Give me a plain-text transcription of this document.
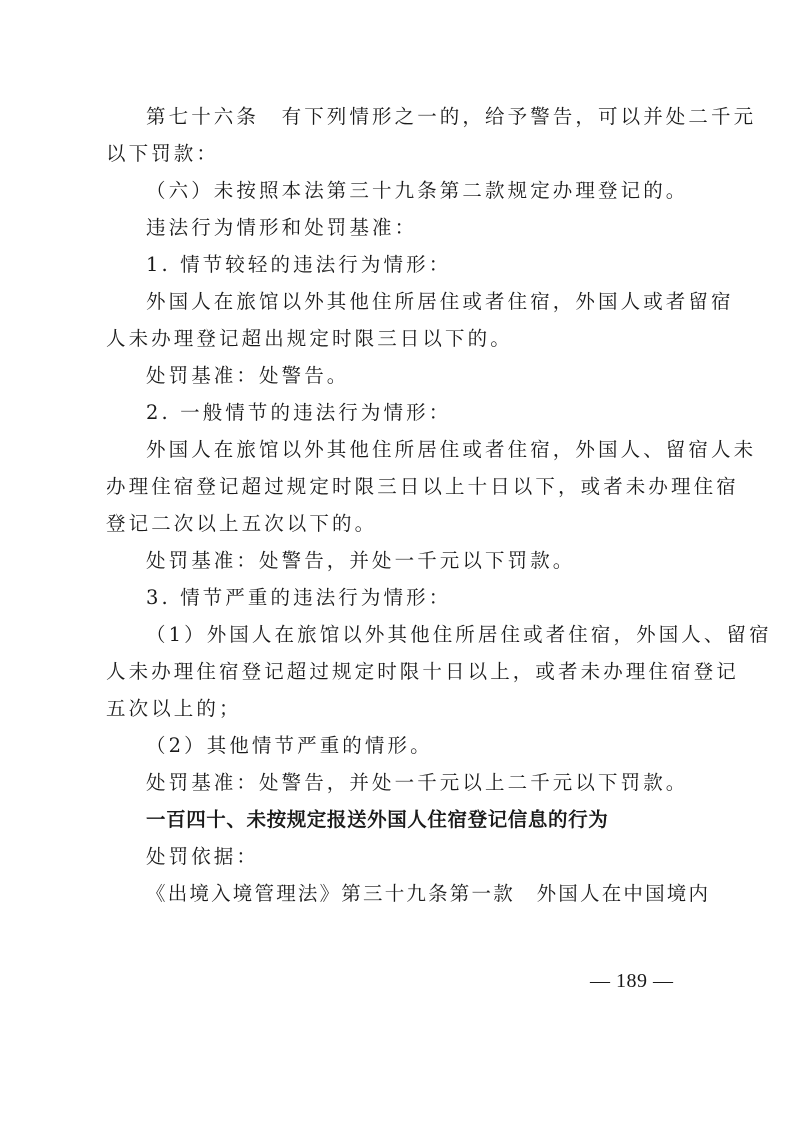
第七十六条　有下列情形之一的，给予警告，可以并处二千元
以下罚款：
（六）未按照本法第三十九条第二款规定办理登记的。
违法行为情形和处罚基准：
1. 情节较轻的违法行为情形：
外国人在旅馆以外其他住所居住或者住宿，外国人或者留宿
人未办理登记超出规定时限三日以下的。
处罚基准：处警告。
2. 一般情节的违法行为情形：
外国人在旅馆以外其他住所居住或者住宿，外国人、留宿人未
办理住宿登记超过规定时限三日以上十日以下，或者未办理住宿
登记二次以上五次以下的。
处罚基准：处警告，并处一千元以下罚款。
3. 情节严重的违法行为情形：
（1）外国人在旅馆以外其他住所居住或者住宿，外国人、留宿
人未办理住宿登记超过规定时限十日以上，或者未办理住宿登记
五次以上的；
（2）其他情节严重的情形。
处罚基准：处警告，并处一千元以上二千元以下罚款。
一百四十、未按规定报送外国人住宿登记信息的行为
处罚依据：
《出境入境管理法》第三十九条第一款　外国人在中国境内
— 189 —
